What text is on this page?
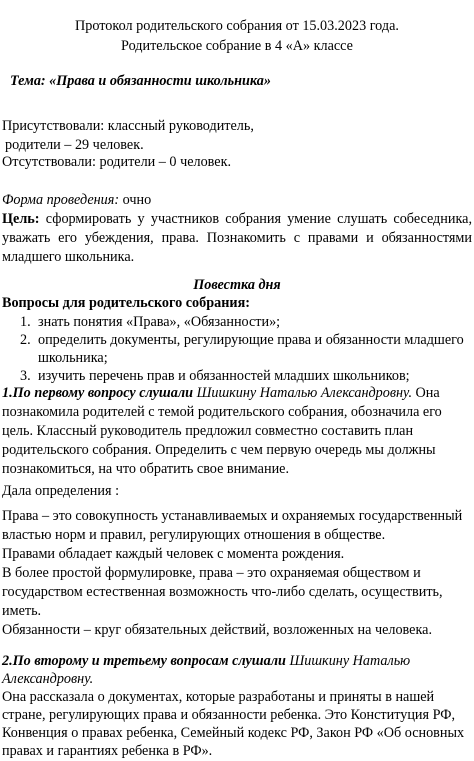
Протокол родительского собрания от 15.03.2023 года.

Родительское собрание в 4 «А» классе

Тема: «Права и обязанности школьника»

Присутствовали: классный руководитель,

родители – 29 человек.

Отсутствовали: родители – 0 человек.

Форма проведения: очно

Цель: сформировать у участников собрания умение слушать собеседника,

уважать его убеждения, права. Познакомить с правами и обязанностями

младшего школьника.

Повестка дня

Вопросы для родительского собрания:

1. знать понятия «Права», «Обязанности»;

2. определить документы, регулирующие права и обязанности младшего

школьника;

3. изучить перечень прав и обязанностей младших школьников;

1.По первому вопросу слушали Шишкину Наталью Александровну. Она

познакомила родителей с темой родительского собрания, обозначила его

цель. Классный руководитель предложил совместно составить план

родительского собрания. Определить с чем первую очередь мы должны

познакомиться, на что обратить свое внимание.

Дала определения :

Права – это совокупность устанавливаемых и охраняемых государственный

властью норм и правил, регулирующих отношения в обществе.

Правами обладает каждый человек с момента рождения.

В более простой формулировке, права – это охраняемая обществом и

государством естественная возможность что-либо сделать, осуществить,

иметь.

Обязанности – круг обязательных действий, возложенных на человека.

2.По второму и третьему вопросам слушали Шишкину Наталью

Александровну.

Она рассказала о документах, которые разработаны и приняты в нашей

стране, регулирующих права и обязанности ребенка. Это Конституция РФ,

Конвенция о правах ребенка, Семейный кодекс РФ, Закон РФ «Об основных

правах и гарантиях ребенка в РФ».
